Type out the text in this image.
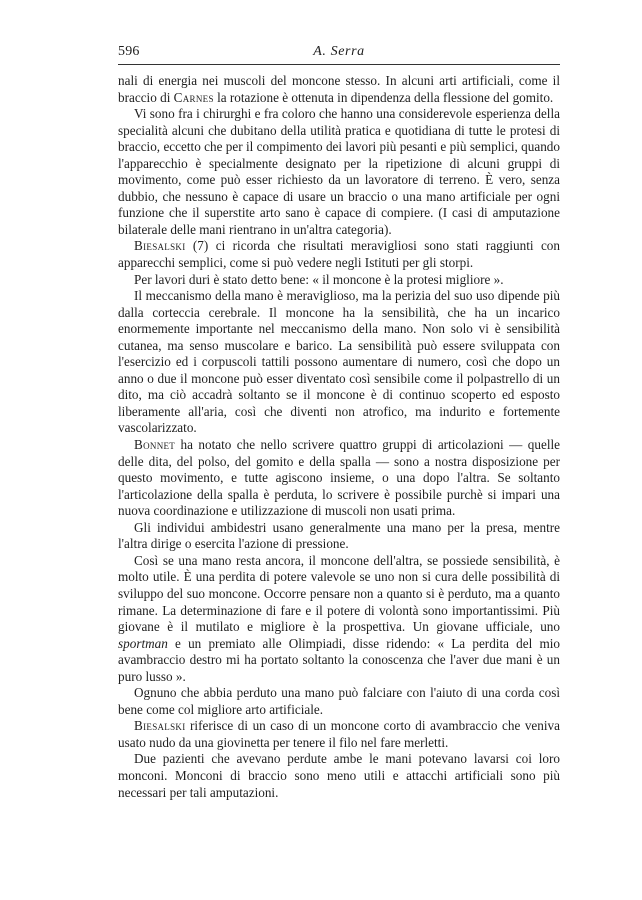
596	A. Serra

nali di energia nei muscoli del moncone stesso. In alcuni arti artificiali, come il braccio di Carnes la rotazione è ottenuta in dipendenza della flessione del gomito.

Vi sono fra i chirurghi e fra coloro che hanno una considerevole esperienza della specialità alcuni che dubitano della utilità pratica e quotidiana di tutte le protesi di braccio, eccetto che per il compimento dei lavori più pesanti e più semplici, quando l'apparecchio è specialmente designato per la ripetizione di alcuni gruppi di movimento, come può esser richiesto da un lavoratore di terreno. È vero, senza dubbio, che nessuno è capace di usare un braccio o una mano artificiale per ogni funzione che il superstite arto sano è capace di compiere. (I casi di amputazione bilaterale delle mani rientrano in un'altra categoria).

Biesalski (7) ci ricorda che risultati meravigliosi sono stati raggiunti con apparecchi semplici, come si può vedere negli Istituti per gli storpi.

Per lavori duri è stato detto bene: « il moncone è la protesi migliore ».

Il meccanismo della mano è meraviglioso, ma la perizia del suo uso dipende più dalla corteccia cerebrale. Il moncone ha la sensibilità, che ha un incarico enormemente importante nel meccanismo della mano. Non solo vi è sensibilità cutanea, ma senso muscolare e barico. La sensibilità può essere sviluppata con l'esercizio ed i corpuscoli tattili possono aumentare di numero, così che dopo un anno o due il moncone può esser diventato così sensibile come il polpastrello di un dito, ma ciò accadrà soltanto se il moncone è di continuo scoperto ed esposto liberamente all'aria, così che diventi non atrofico, ma indurito e fortemente vascolarizzato.

Bonnet ha notato che nello scrivere quattro gruppi di articolazioni — quelle delle dita, del polso, del gomito e della spalla — sono a nostra disposizione per questo movimento, e tutte agiscono insieme, o una dopo l'altra. Se soltanto l'articolazione della spalla è perduta, lo scrivere è possibile purchè si impari una nuova coordinazione e utilizzazione di muscoli non usati prima.

Gli individui ambidestri usano generalmente una mano per la presa, mentre l'altra dirige o esercita l'azione di pressione.

Così se una mano resta ancora, il moncone dell'altra, se possiede sensibilità, è molto utile. È una perdita di potere valevole se uno non si cura delle possibilità di sviluppo del suo moncone. Occorre pensare non a quanto si è perduto, ma a quanto rimane. La determinazione di fare e il potere di volontà sono importantissimi. Più giovane è il mutilato e migliore è la prospettiva. Un giovane ufficiale, uno sportman e un premiato alle Olimpiadi, disse ridendo: « La perdita del mio avambraccio destro mi ha portato soltanto la conoscenza che l'aver due mani è un puro lusso ».

Ognuno che abbia perduto una mano può falciare con l'aiuto di una corda così bene come col migliore arto artificiale.

Biesalski riferisce di un caso di un moncone corto di avambraccio che veniva usato nudo da una giovinetta per tenere il filo nel fare merletti.

Due pazienti che avevano perdute ambe le mani potevano lavarsi coi loro monconi. Monconi di braccio sono meno utili e attacchi artificiali sono più necessari per tali amputazioni.
